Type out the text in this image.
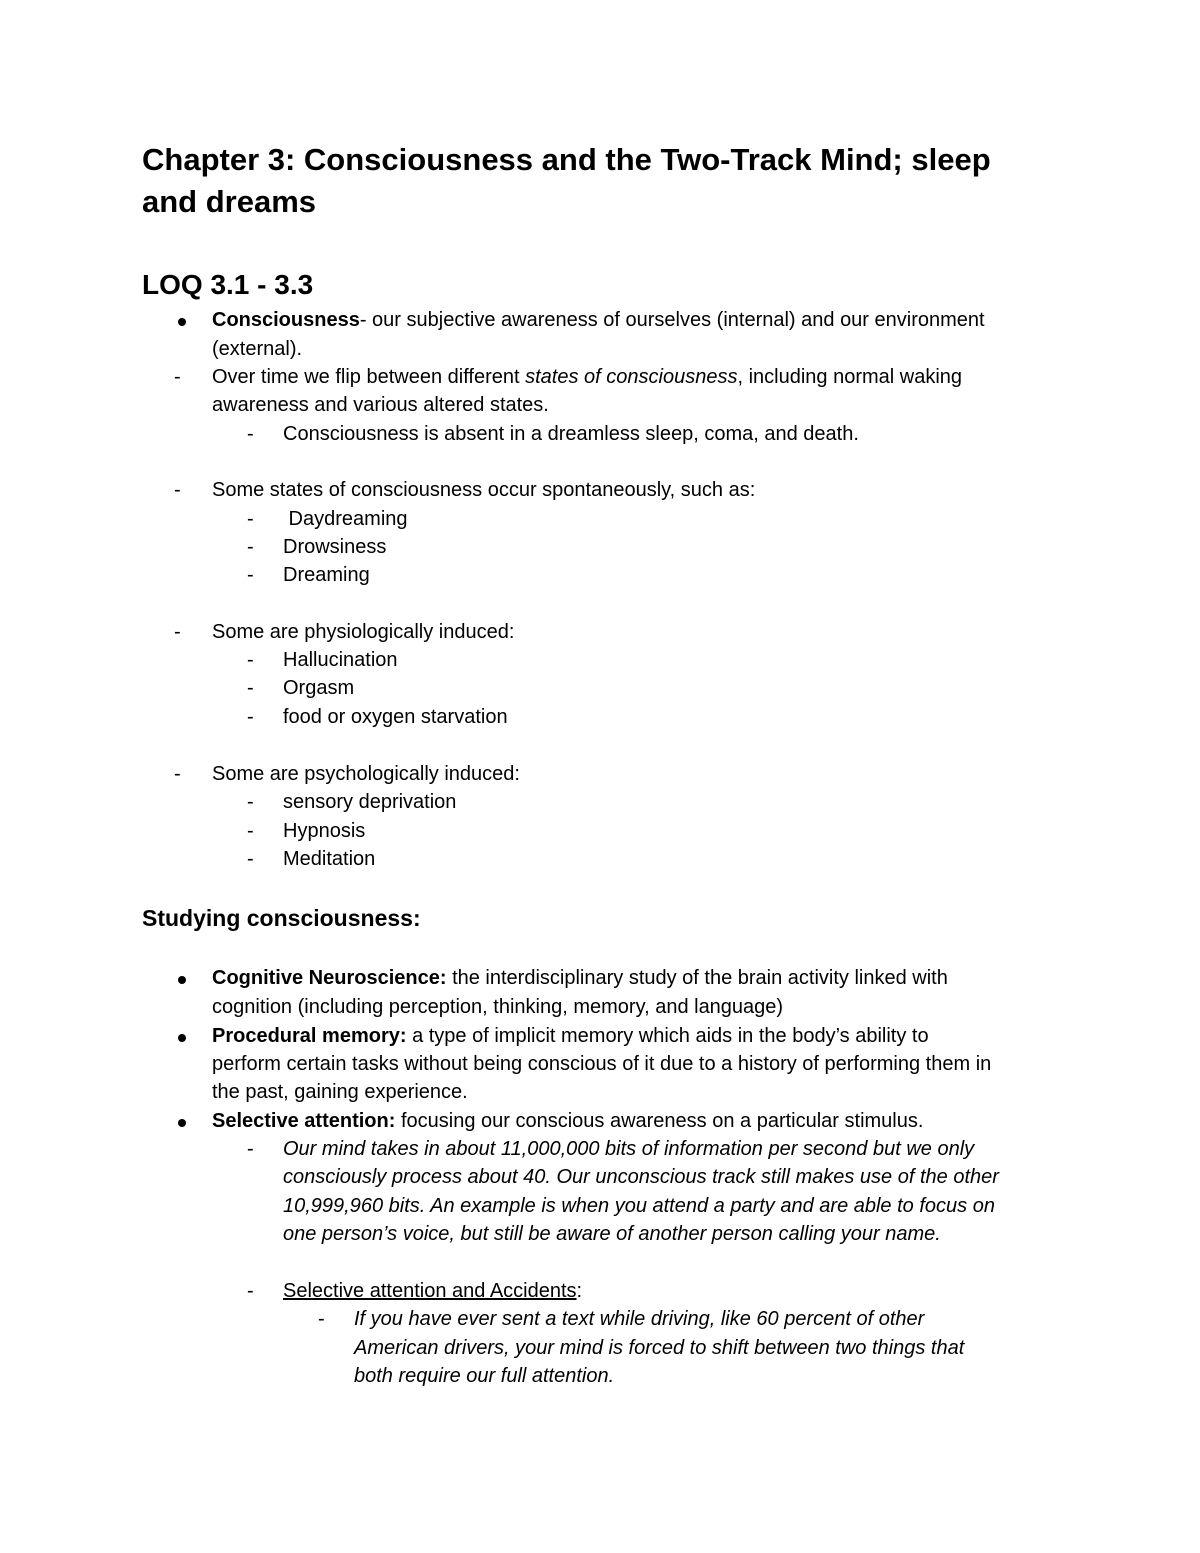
Chapter 3: Consciousness and the Two-Track Mind; sleep and dreams
LOQ 3.1 - 3.3
Consciousness- our subjective awareness of ourselves (internal) and our environment
(external).
- Over time we flip between different states of consciousness, including normal waking
awareness and various altered states.
- Consciousness is absent in a dreamless sleep, coma, and death.
- Some states of consciousness occur spontaneously, such as:
- Daydreaming
- Drowsiness
- Dreaming
- Some are physiologically induced:
- Hallucination
- Orgasm
- food or oxygen starvation
- Some are psychologically induced:
- sensory deprivation
- Hypnosis
- Meditation
Studying consciousness:
Cognitive Neuroscience: the interdisciplinary study of the brain activity linked with
cognition (including perception, thinking, memory, and language)
Procedural memory: a type of implicit memory which aids in the body’s ability to
perform certain tasks without being conscious of it due to a history of performing them in
the past, gaining experience.
Selective attention: focusing our conscious awareness on a particular stimulus.
- Our mind takes in about 11,000,000 bits of information per second but we only
consciously process about 40. Our unconscious track still makes use of the other
10,999,960 bits. An example is when you attend a party and are able to focus on
one person’s voice, but still be aware of another person calling your name.
- Selective attention and Accidents:
- If you have ever sent a text while driving, like 60 percent of other
American drivers, your mind is forced to shift between two things that
both require our full attention.
